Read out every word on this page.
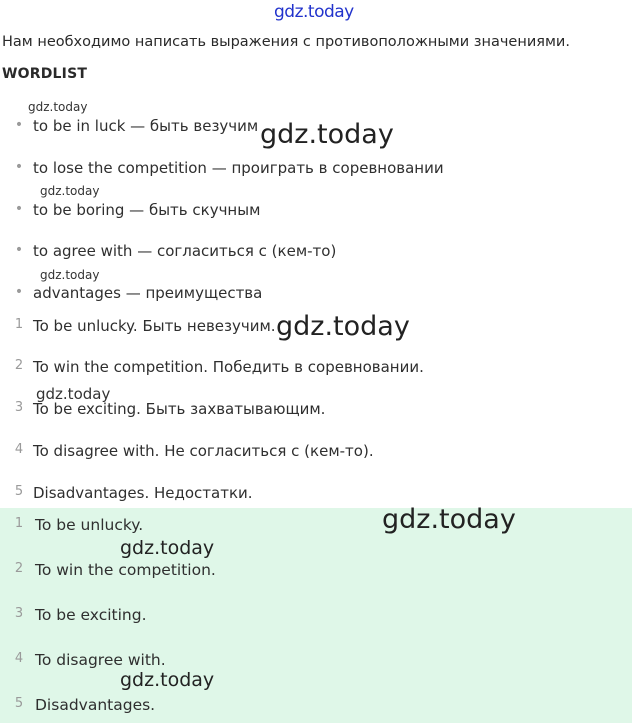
gdz.today
Нам необходимо написать выражения с противоположными значениями.
WORDLIST
• to be in luck — быть везучим
• to lose the competition — проиграть в соревновании
• to be boring — быть скучным
• to agree with — согласиться с (кем-то)
• advantages — преимущества
1 To be unlucky. Быть невезучим.
2 To win the competition. Победить в соревновании.
3 To be exciting. Быть захватывающим.
4 To disagree with. Не согласиться с (кем-то).
5 Disadvantages. Недостатки.
1 To be unlucky.
2 To win the competition.
3 To be exciting.
4 To disagree with.
5 Disadvantages.
gdz.today
gdz.today
gdz.today
gdz.today
gdz.today
gdz.today
gdz.today
gdz.today
gdz.today
